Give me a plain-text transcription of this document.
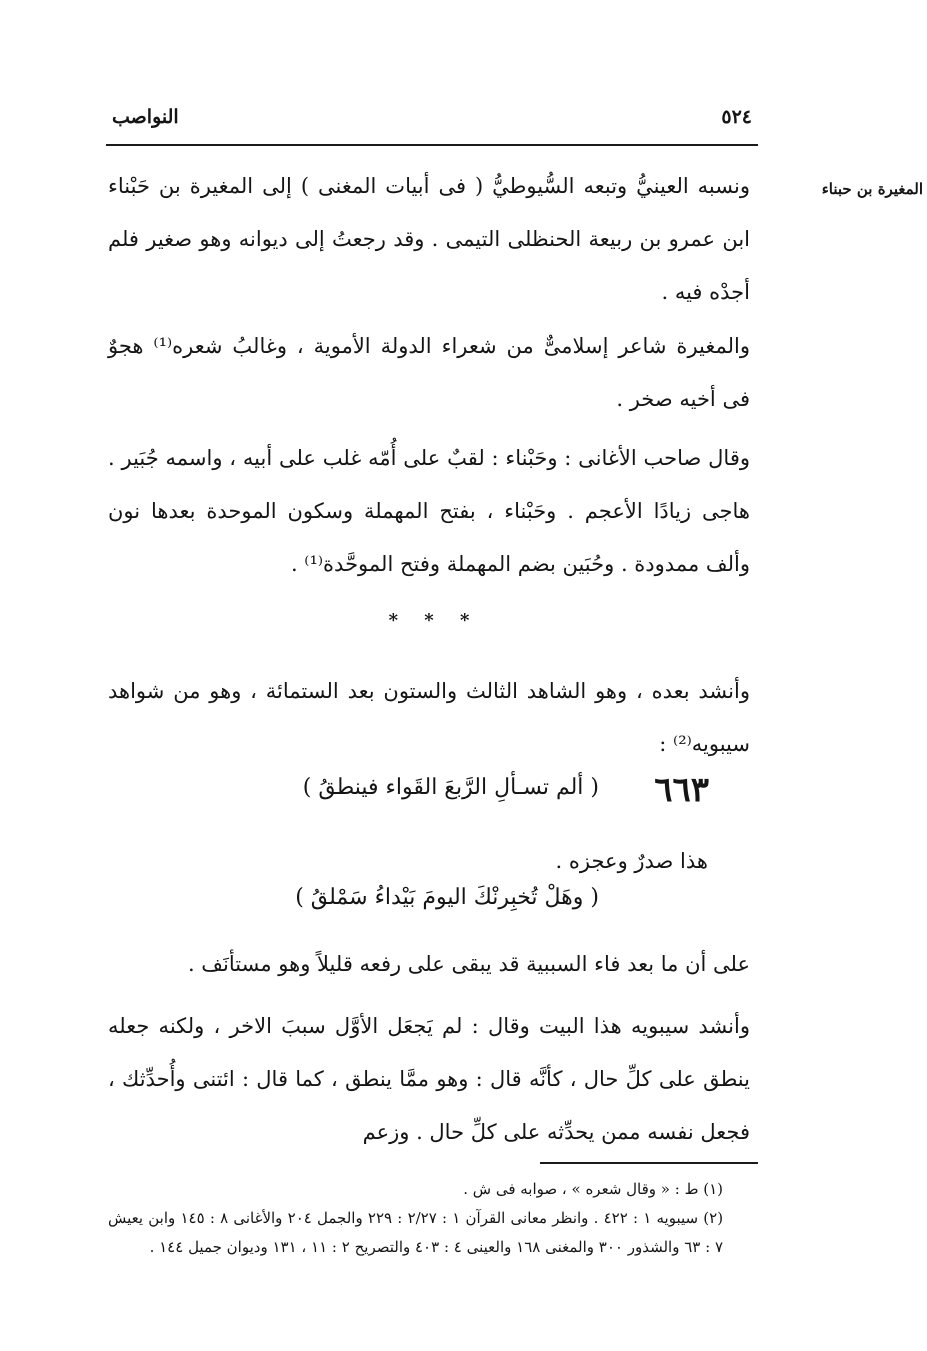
٥٢٤
النواصب
المغيرة بن حبناء
ونسبه العينيُّ وتبعه السُّيوطيُّ ( فى أبيات المغنى ) إلى المغيرة بن حَبْناء ابن عمرو بن ربيعة الحنظلى التيمى . وقد رجعتُ إلى ديوانه وهو صغير فلم أجدْه فيه .
والمغيرة شاعر إسلامىٌّ من شعراء الدولة الأموية ، وغالبُ شعره⁽¹⁾ هجوٌ فى أخيه صخر .
وقال صاحب الأغانى : وحَبْناء : لقبٌ على أُمّه غلب على أبيه ، واسمه جُبَير . هاجى زيادًا الأعجم . وحَبْناء ، بفتح المهملة وسكون الموحدة بعدها نون وألف ممدودة . وحُبَين بضم المهملة وفتح الموحَّدة⁽¹⁾ .
* * *
وأنشد بعده ، وهو الشاهد الثالث والستون بعد الستمائة ، وهو من شواهد سيبويه⁽²⁾ :
٦٦٣
( ألم تسـألِ الرَّبعَ القَواء فينطقُ )
هذا صدرٌ وعجزه .
( وهَلْ تُخبِرنْكَ اليومَ بَيْداءُ سَمْلقُ )
على أن ما بعد فاء السببية قد يبقى على رفعه قليلاً وهو مستأنَف .
وأنشد سيبويه هذا البيت وقال : لم يَجعَل الأوَّل سببَ الاخر ، ولكنه جعله ينطق على كلِّ حال ، كأنَّه قال : وهو ممَّا ينطق ، كما قال : ائتنى وأُحدِّثك ، فجعل نفسه ممن يحدِّثه على كلِّ حال . وزعم
(١) ط : « وقال شعره » ، صوابه فى ش .
(٢) سيبويه ١ : ٤٢٢ . وانظر معانى القرآن ١ : ٢/٢٧ : ٢٢٩ والجمل ٢٠٤ والأغانى ٨ : ١٤٥ وابن يعيش ٧ : ٦٣ والشذور ٣٠٠ والمغنى ١٦٨ والعينى ٤ : ٤٠٣ والتصريح ٢ : ١١ ، ١٣١ وديوان جميل ١٤٤ .
